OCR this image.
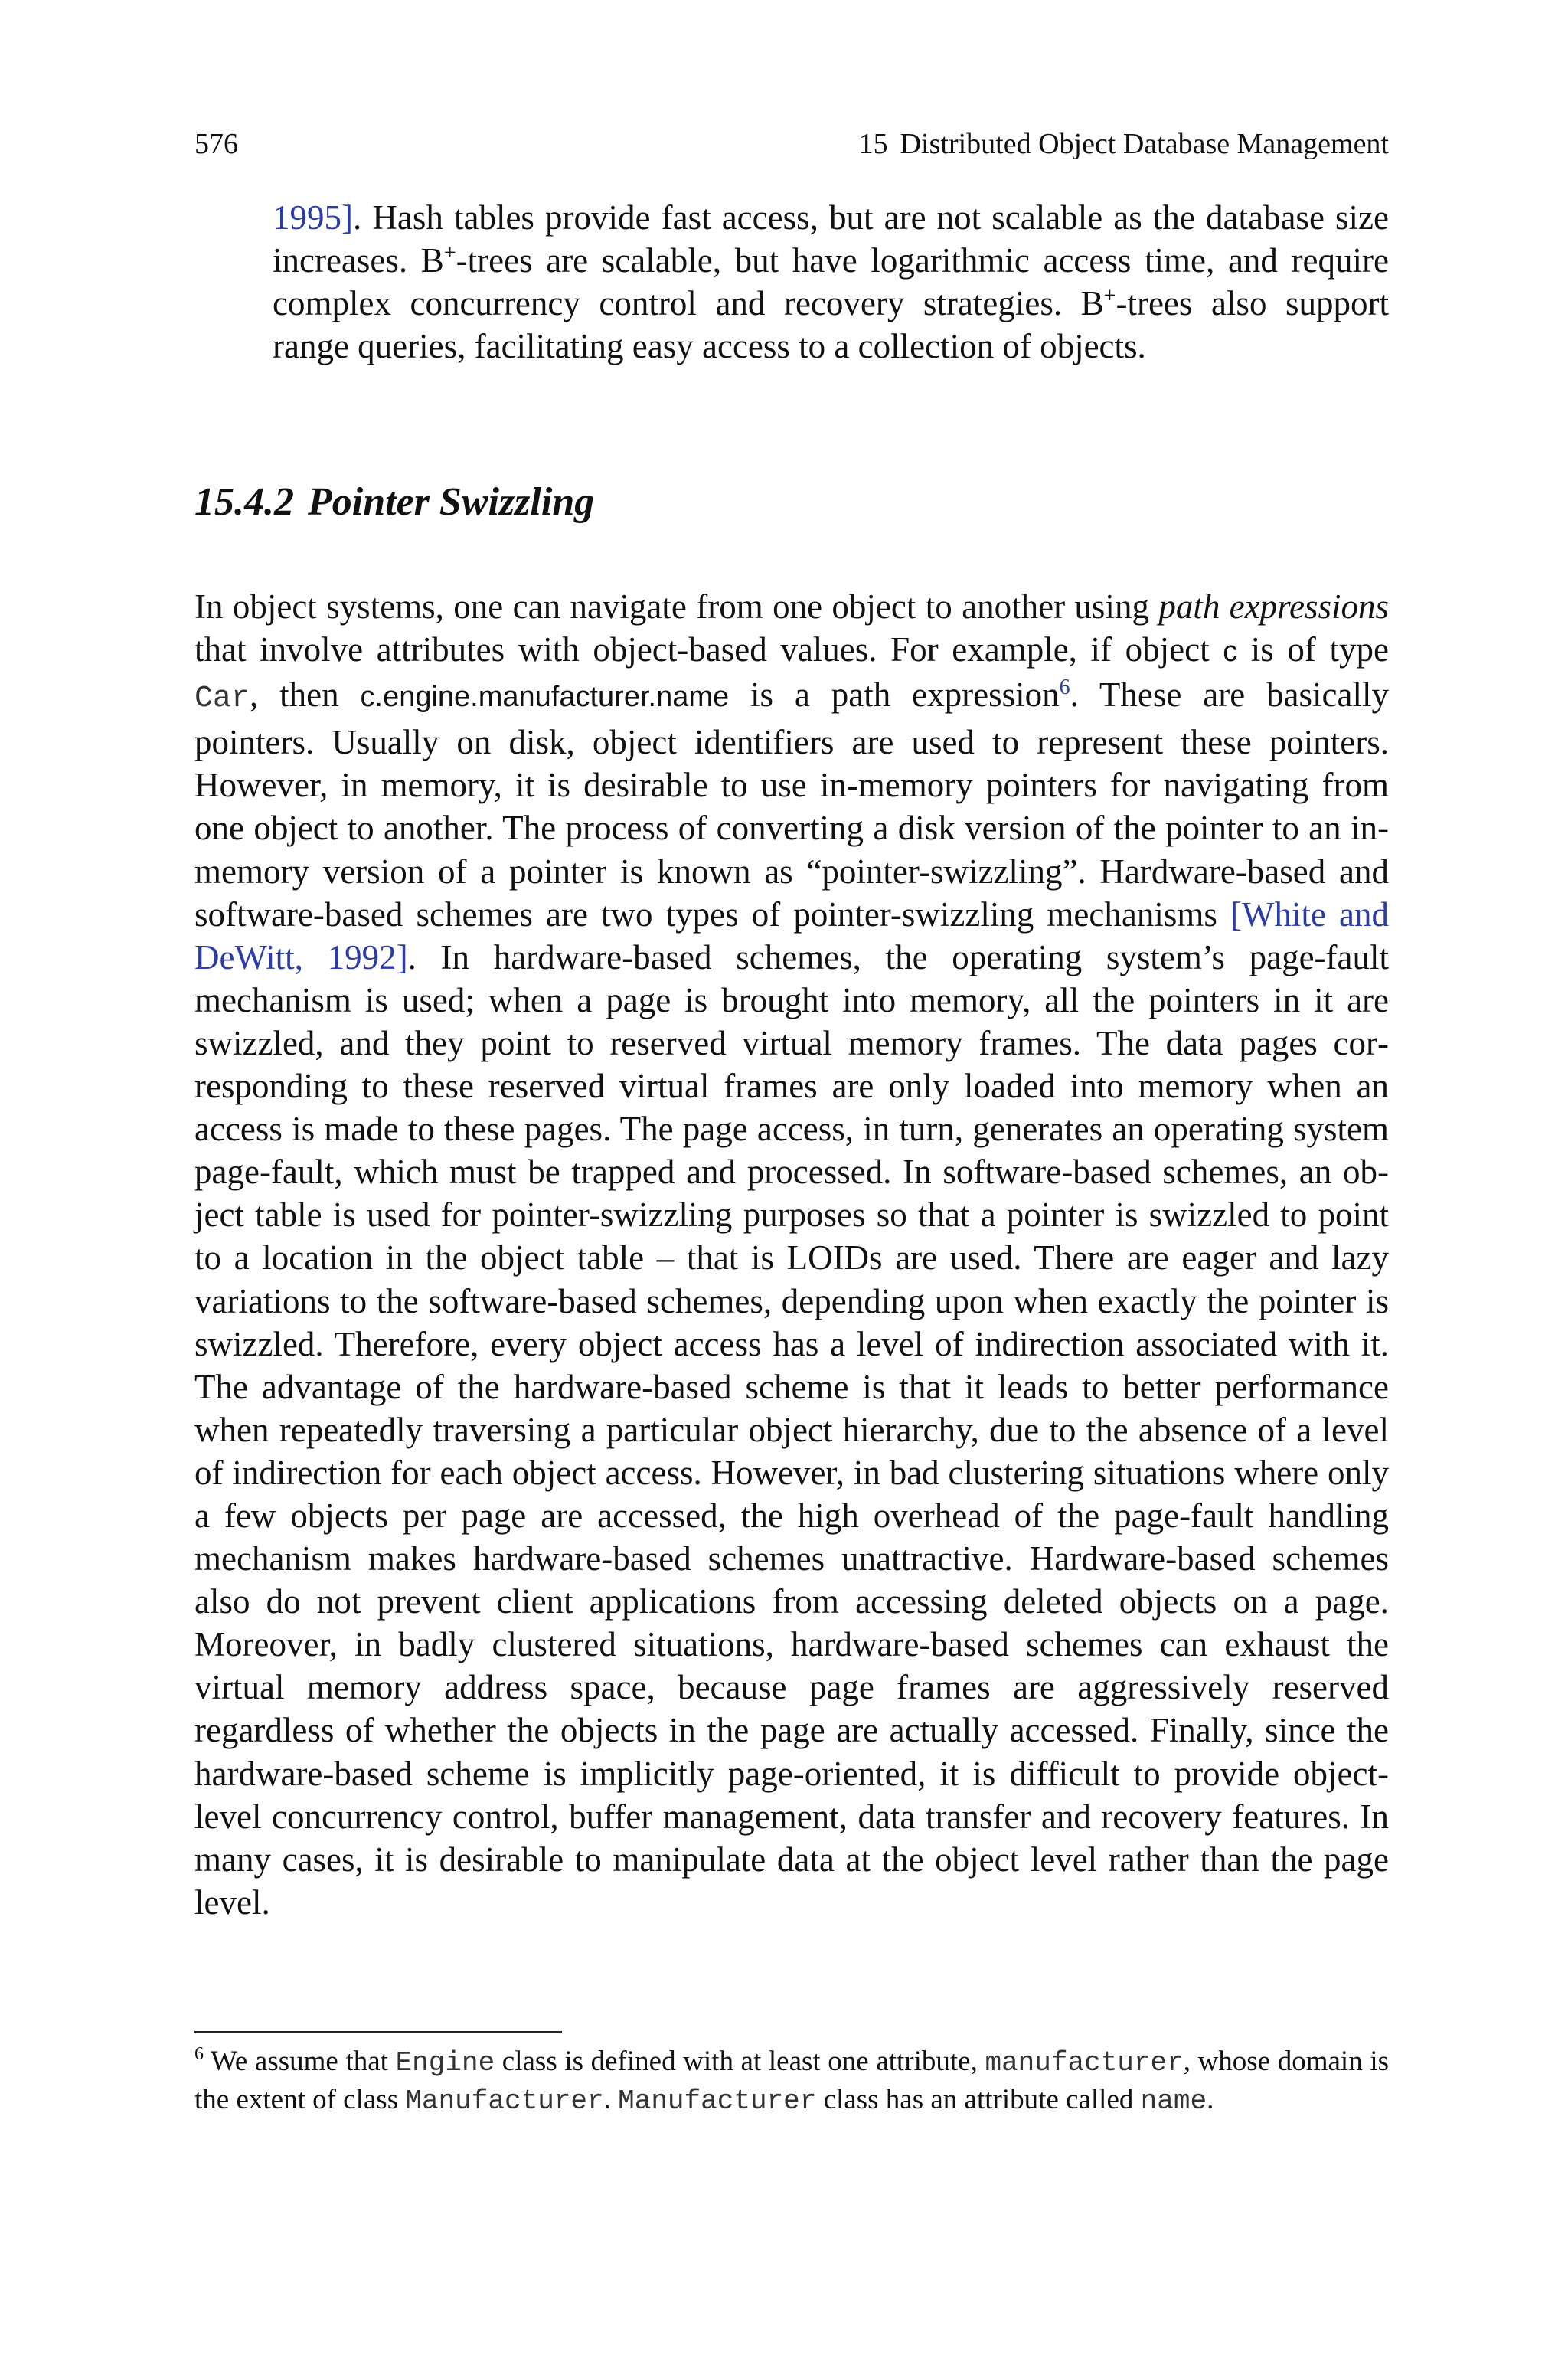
576	15 Distributed Object Database Management
1995]. Hash tables provide fast access, but are not scalable as the database size increases. B+-trees are scalable, but have logarithmic access time, and require complex concurrency control and recovery strategies. B+-trees also support range queries, facilitating easy access to a collection of objects.
15.4.2 Pointer Swizzling
In object systems, one can navigate from one object to another using path expressions that involve attributes with object-based values. For example, if object c is of type Car, then c.engine.manufacturer.name is a path expression$^6$. These are basically pointers. Usually on disk, object identifiers are used to represent these pointers. However, in memory, it is desirable to use in-memory pointers for navigating from one object to another. The process of converting a disk version of the pointer to an in-memory version of a pointer is known as “pointer-swizzling”. Hardware-based and software-based schemes are two types of pointer-swizzling mechanisms [White and DeWitt, 1992]. In hardware-based schemes, the operating system’s page-fault mechanism is used; when a page is brought into memory, all the pointers in it are swizzled, and they point to reserved virtual memory frames. The data pages corresponding to these reserved virtual frames are only loaded into memory when an access is made to these pages. The page access, in turn, generates an operating system page-fault, which must be trapped and processed. In software-based schemes, an object table is used for pointer-swizzling purposes so that a pointer is swizzled to point to a location in the object table – that is LOIDs are used. There are eager and lazy variations to the software-based schemes, depending upon when exactly the pointer is swizzled. Therefore, every object access has a level of indirection associated with it. The advantage of the hardware-based scheme is that it leads to better performance when repeatedly traversing a particular object hierarchy, due to the absence of a level of indirection for each object access. However, in bad clustering situations where only a few objects per page are accessed, the high overhead of the page-fault handling mechanism makes hardware-based schemes unattractive. Hardware-based schemes also do not prevent client applications from accessing deleted objects on a page. Moreover, in badly clustered situations, hardware-based schemes can exhaust the virtual memory address space, because page frames are aggressively reserved regardless of whether the objects in the page are actually accessed. Finally, since the hardware-based scheme is implicitly page-oriented, it is difficult to provide object-level concurrency control, buffer management, data transfer and recovery features. In many cases, it is desirable to manipulate data at the object level rather than the page level.
$^6$ We assume that Engine class is defined with at least one attribute, manufacturer, whose domain is the extent of class Manufacturer. Manufacturer class has an attribute called name.
